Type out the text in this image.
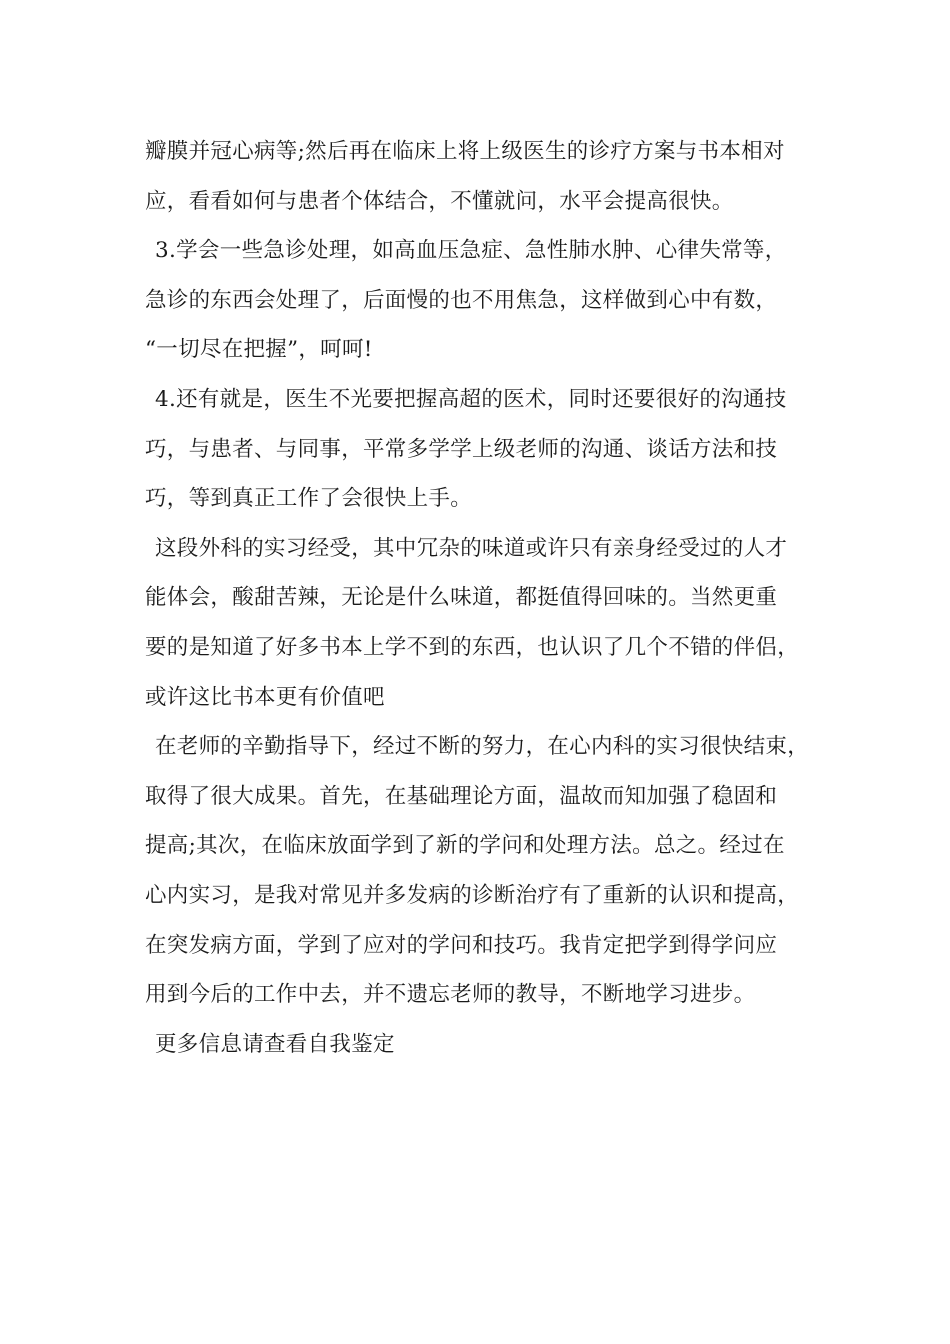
瓣膜并冠心病等;然后再在临床上将上级医生的诊疗方案与书本相对
应，看看如何与患者个体结合，不懂就问，水平会提高很快。
3.学会一些急诊处理，如高血压急症、急性肺水肿、心律失常等，
急诊的东西会处理了，后面慢的也不用焦急，这样做到心中有数，
“一切尽在把握”，呵呵!
4.还有就是，医生不光要把握高超的医术，同时还要很好的沟通技
巧，与患者、与同事，平常多学学上级老师的沟通、谈话方法和技
巧，等到真正工作了会很快上手。
这段外科的实习经受，其中冗杂的味道或许只有亲身经受过的人才
能体会，酸甜苦辣，无论是什么味道，都挺值得回味的。当然更重
要的是知道了好多书本上学不到的东西，也认识了几个不错的伴侣，
或许这比书本更有价值吧
在老师的辛勤指导下，经过不断的努力，在心内科的实习很快结束，
取得了很大成果。首先，在基础理论方面，温故而知加强了稳固和
提高;其次，在临床放面学到了新的学问和处理方法。总之。经过在
心内实习，是我对常见并多发病的诊断治疗有了重新的认识和提高，
在突发病方面，学到了应对的学问和技巧。我肯定把学到得学问应
用到今后的工作中去，并不遗忘老师的教导，不断地学习进步。
更多信息请查看自我鉴定
